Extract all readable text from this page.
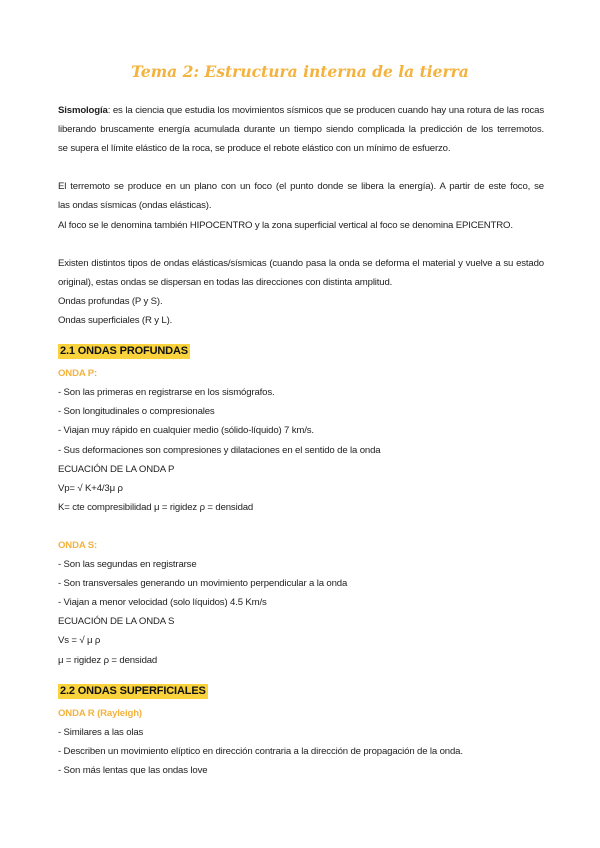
Tema 2: Estructura interna de la tierra
Sismología: es la ciencia que estudia los movimientos sísmicos que se producen cuando hay una rotura de las rocas
liberando bruscamente energía acumulada durante un tiempo siendo complicada la predicción de los terremotos.
se supera el límite elástico de la roca, se produce el rebote elástico con un mínimo de esfuerzo.
El terremoto se produce en un plano con un foco (el punto donde se libera la energía). A partir de este foco, se
las ondas sísmicas (ondas elásticas).
Al foco se le denomina también HIPOCENTRO y la zona superficial vertical al foco se denomina EPICENTRO.
Existen distintos tipos de ondas elásticas/sísmicas (cuando pasa la onda se deforma el material y vuelve a su estado
original), estas ondas se dispersan en todas las direcciones con distinta amplitud.
Ondas profundas (P y S).
Ondas superficiales (R y L).
2.1 ONDAS PROFUNDAS
ONDA P:
- Son las primeras en registrarse en los sismógrafos.
- Son longitudinales o compresionales
- Viajan muy rápido en cualquier medio (sólido-líquido) 7 km/s.
- Sus deformaciones son compresiones y dilataciones en el sentido de la onda
ECUACIÓN DE LA ONDA P
Vp= √ K+4/3μ ρ
K= cte compresibilidad μ = rigidez ρ = densidad
ONDA S:
- Son las segundas en registrarse
- Son transversales generando un movimiento perpendicular a la onda
- Viajan a menor velocidad (solo líquidos) 4.5 Km/s
ECUACIÓN DE LA ONDA S
Vs = √ μ ρ
μ = rigidez ρ = densidad
2.2 ONDAS SUPERFICIALES
ONDA R (Rayleigh)
- Similares a las olas
- Describen un movimiento elíptico en dirección contraria a la dirección de propagación de la onda.
- Son más lentas que las ondas love
